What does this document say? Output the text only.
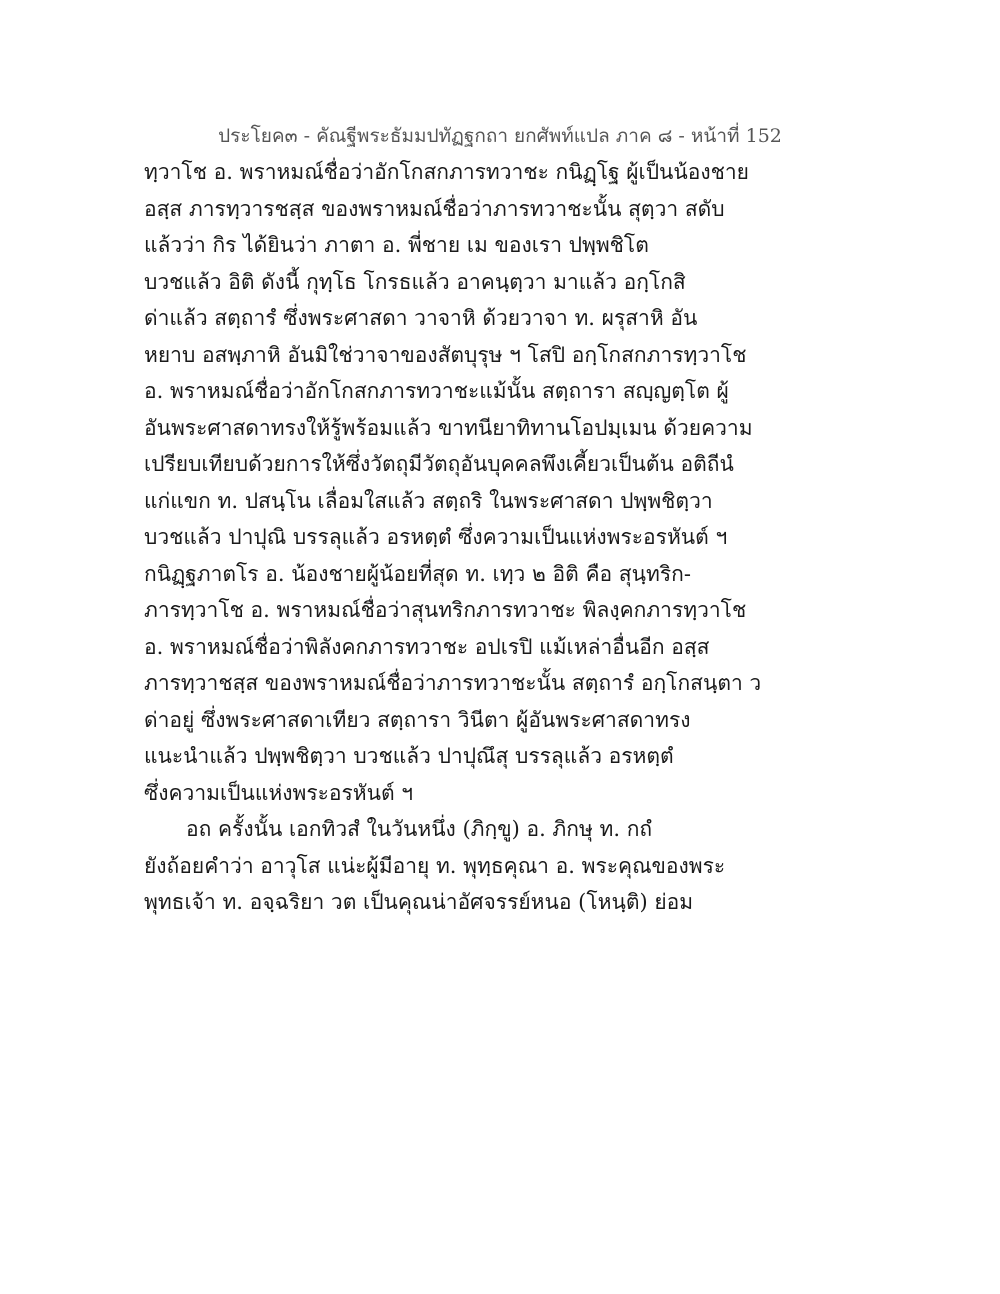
ประโยค๓ - คัณฐีพระธัมมปทัฏฐกถา ยกศัพท์แปล ภาค ๘ - หน้าที่ 152
ทฺวาโช อ. พราหมณ์ชื่อว่าอักโกสกภารทวาชะ กนิฏฺโฐ ผู้เป็นน้องชาย
อสฺส ภารทฺวารชสฺส ของพราหมณ์ชื่อว่าภารทวาชะนั้น สุตฺวา สดับ
แล้วว่า กิร ได้ยินว่า ภาตา อ. พี่ชาย เม ของเรา ปพฺพชิโต
บวชแล้ว อิติ ดังนี้ กุทฺโธ โกรธแล้ว อาคนฺตฺวา มาแล้ว อกฺโกสิ
ด่าแล้ว สตฺถารํ ซึ่งพระศาสดา วาจาหิ ด้วยวาจา ท. ผรุสาหิ อัน
หยาบ อสพฺภาหิ อันมิใช่วาจาของสัตบุรุษ ฯ โสปิ อกฺโกสกภารทฺวาโช
อ. พราหมณ์ชื่อว่าอักโกสกภารทวาชะแม้นั้น สตฺถารา สญฺญตฺโต ผู้
อันพระศาสดาทรงให้รู้พร้อมแล้ว ขาทนียาทิทานโอปมฺเมน ด้วยความ
เปรียบเทียบด้วยการให้ซึ่งวัตถุมีวัตถุอันบุคคลพึงเคี้ยวเป็นต้น อติถีนํ
แก่แขก ท. ปสนฺโน เลื่อมใสแล้ว สตฺถริ ในพระศาสดา ปพฺพชิตฺวา
บวชแล้ว ปาปุณิ บรรลุแล้ว อรหตฺตํ ซึ่งความเป็นแห่งพระอรหันต์ ฯ
กนิฏฺฐภาตโร อ. น้องชายผู้น้อยที่สุด ท. เทฺว ๒ อิติ คือ สุนฺทริก-
ภารทฺวาโช อ. พราหมณ์ชื่อว่าสุนทริกภารทวาชะ พิลงฺคกภารทฺวาโช
อ. พราหมณ์ชื่อว่าพิลังคกภารทวาชะ อปเรปิ แม้เหล่าอื่นอีก อสฺส
ภารทฺวาชสฺส ของพราหมณ์ชื่อว่าภารทวาชะนั้น สตฺถารํ อกฺโกสนฺตา ว
ด่าอยู่ ซึ่งพระศาสดาเทียว สตฺถารา วินีตา ผู้อันพระศาสดาทรง
แนะนำแล้ว ปพฺพชิตฺวา บวชแล้ว ปาปุณึสุ บรรลุแล้ว อรหตฺตํ
ซึ่งความเป็นแห่งพระอรหันต์ ฯ
อถ ครั้งนั้น เอกทิวสํ ในวันหนึ่ง (ภิกฺขู) อ. ภิกษุ ท. กถํ
ยังถ้อยคำว่า อาวุโส แน่ะผู้มีอายุ ท. พุทฺธคุณา อ. พระคุณของพระ
พุทธเจ้า ท. อจฺฉริยา วต เป็นคุณน่าอัศจรรย์หนอ (โหนฺติ) ย่อม
